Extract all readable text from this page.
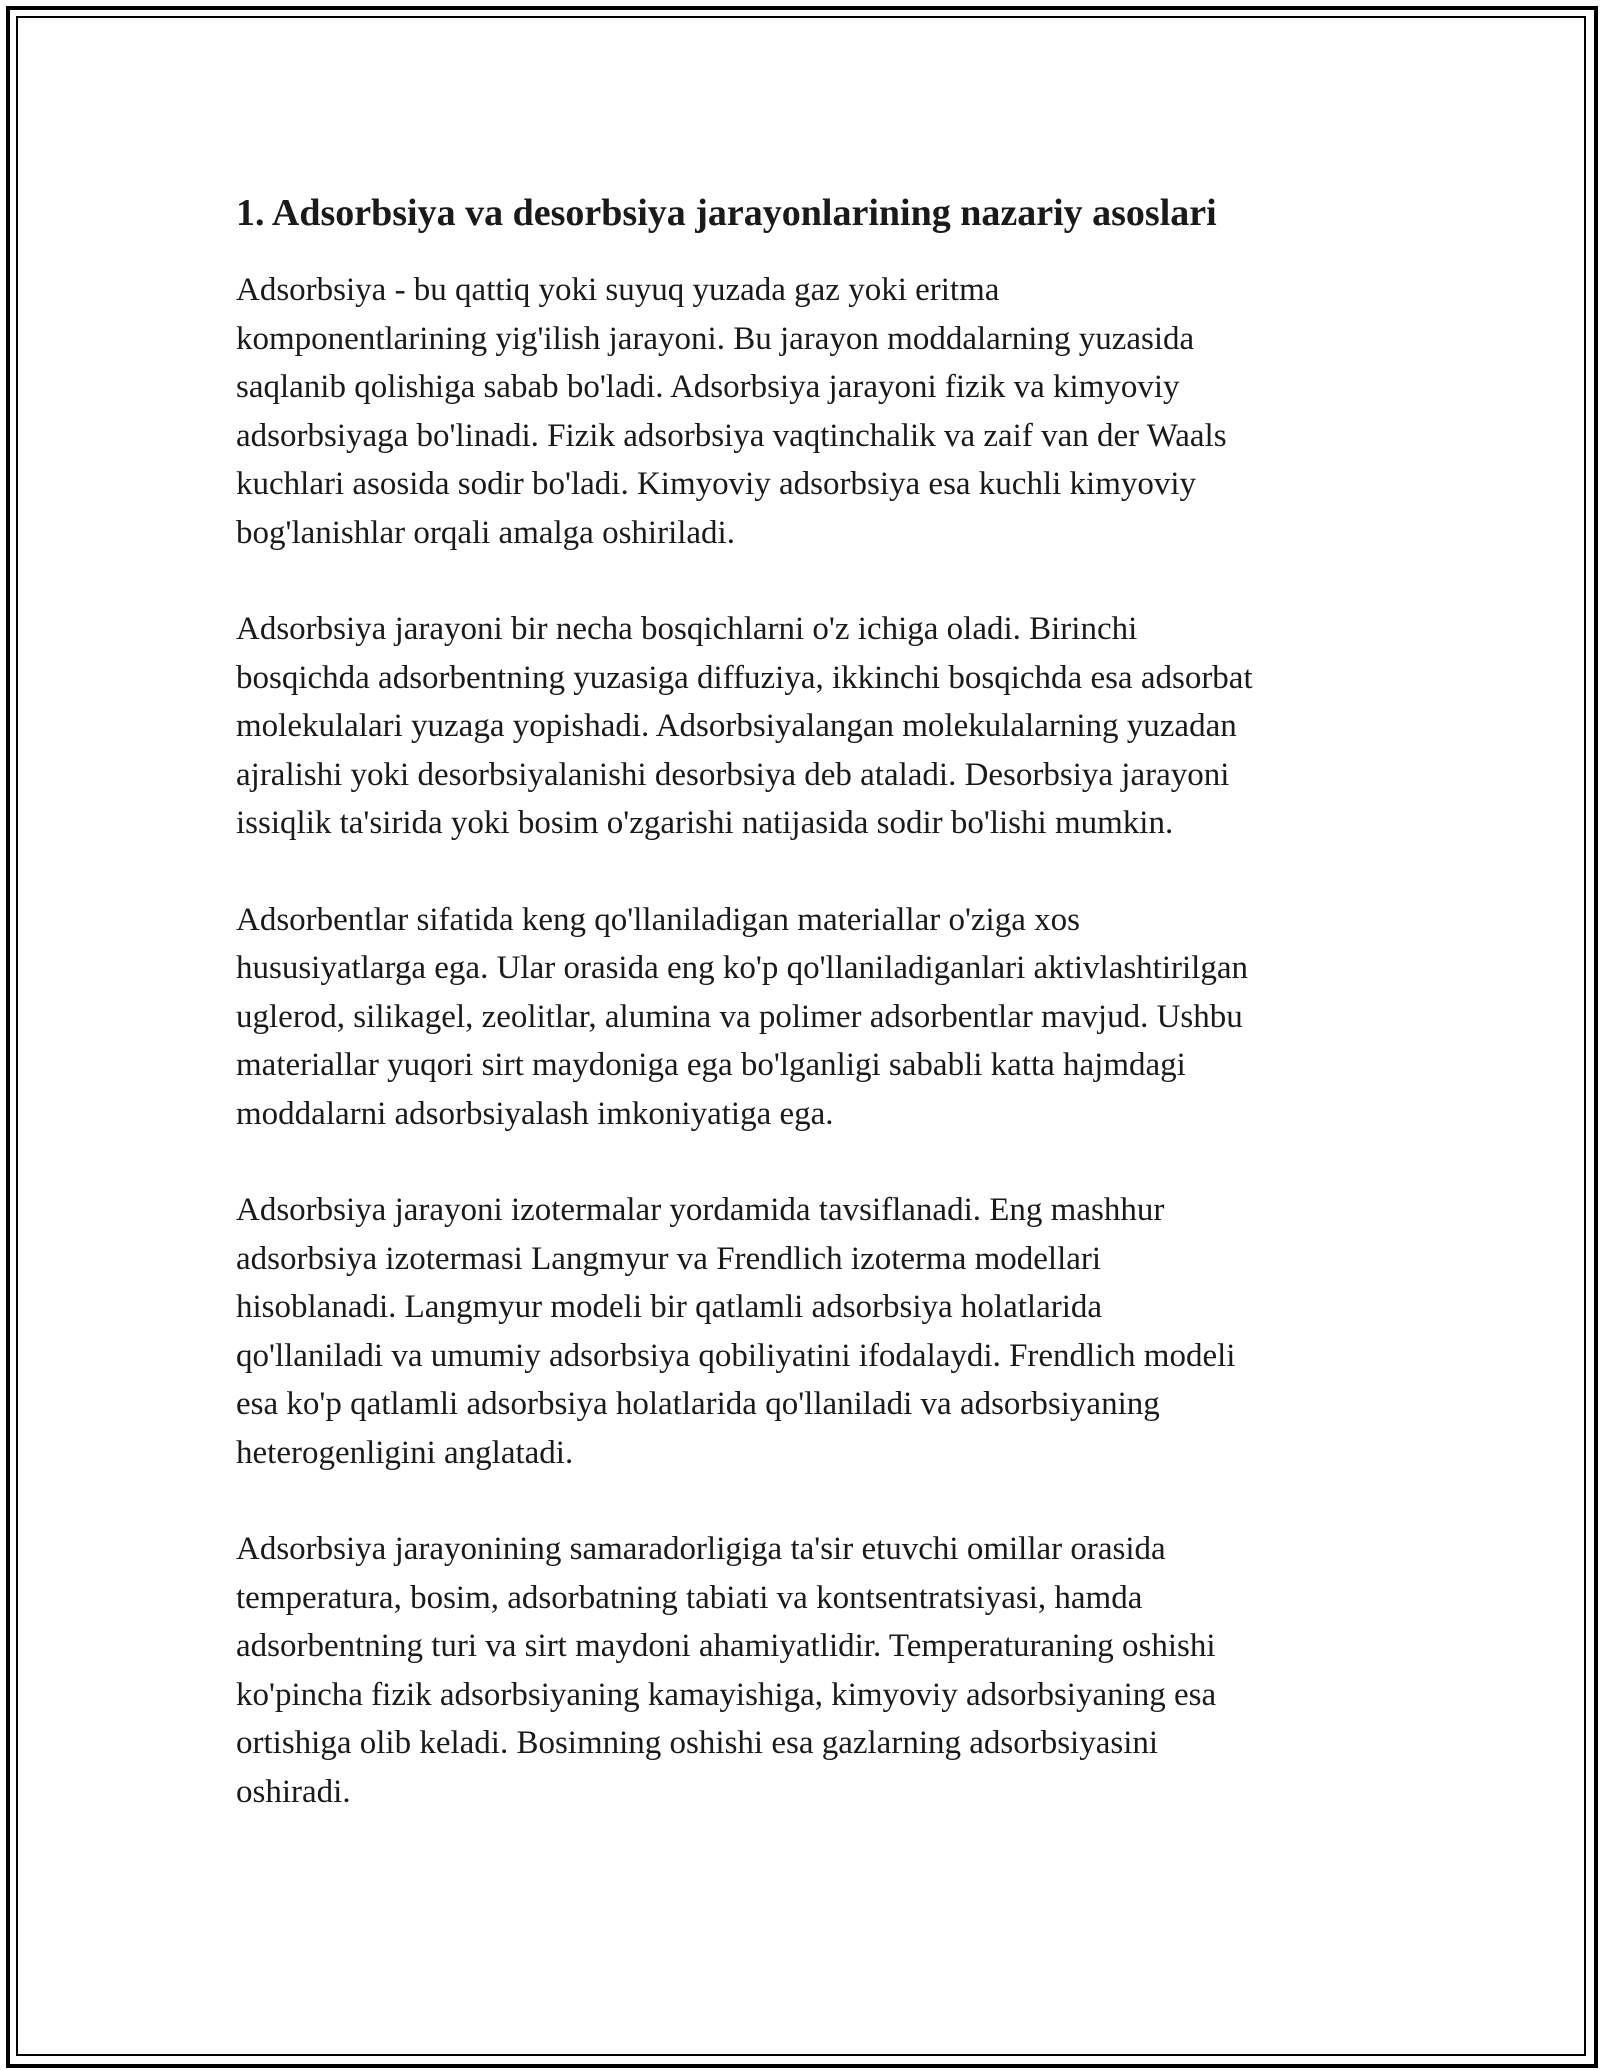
1. Adsorbsiya va desorbsiya jarayonlarining nazariy asoslari

Adsorbsiya - bu qattiq yoki suyuq yuzada gaz yoki eritma
komponentlarining yig'ilish jarayoni. Bu jarayon moddalarning yuzasida
saqlanib qolishiga sabab bo'ladi. Adsorbsiya jarayoni fizik va kimyoviy
adsorbsiyaga bo'linadi. Fizik adsorbsiya vaqtinchalik va zaif van der Waals
kuchlari asosida sodir bo'ladi. Kimyoviy adsorbsiya esa kuchli kimyoviy
bog'lanishlar orqali amalga oshiriladi.

Adsorbsiya jarayoni bir necha bosqichlarni o'z ichiga oladi. Birinchi
bosqichda adsorbentning yuzasiga diffuziya, ikkinchi bosqichda esa adsorbat
molekulalari yuzaga yopishadi. Adsorbsiyalangan molekulalarning yuzadan
ajralishi yoki desorbsiyalanishi desorbsiya deb ataladi. Desorbsiya jarayoni
issiqlik ta'sirida yoki bosim o'zgarishi natijasida sodir bo'lishi mumkin.

Adsorbentlar sifatida keng qo'llaniladigan materiallar o'ziga xos
hususiyatlarga ega. Ular orasida eng ko'p qo'llaniladiganlari aktivlashtirilgan
uglerod, silikagel, zeolitlar, alumina va polimer adsorbentlar mavjud. Ushbu
materiallar yuqori sirt maydoniga ega bo'lganligi sababli katta hajmdagi
moddalarni adsorbsiyalash imkoniyatiga ega.

Adsorbsiya jarayoni izotermalar yordamida tavsiflanadi. Eng mashhur
adsorbsiya izotermasi Langmyur va Frendlich izoterma modellari
hisoblanadi. Langmyur modeli bir qatlamli adsorbsiya holatlarida
qo'llaniladi va umumiy adsorbsiya qobiliyatini ifodalaydi. Frendlich modeli
esa ko'p qatlamli adsorbsiya holatlarida qo'llaniladi va adsorbsiyaning
heterogenligini anglatadi.

Adsorbsiya jarayonining samaradorligiga ta'sir etuvchi omillar orasida
temperatura, bosim, adsorbatning tabiati va kontsentratsiyasi, hamda
adsorbentning turi va sirt maydoni ahamiyatlidir. Temperaturaning oshishi
ko'pincha fizik adsorbsiyaning kamayishiga, kimyoviy adsorbsiyaning esa
ortishiga olib keladi. Bosimning oshishi esa gazlarning adsorbsiyasini
oshiradi.
